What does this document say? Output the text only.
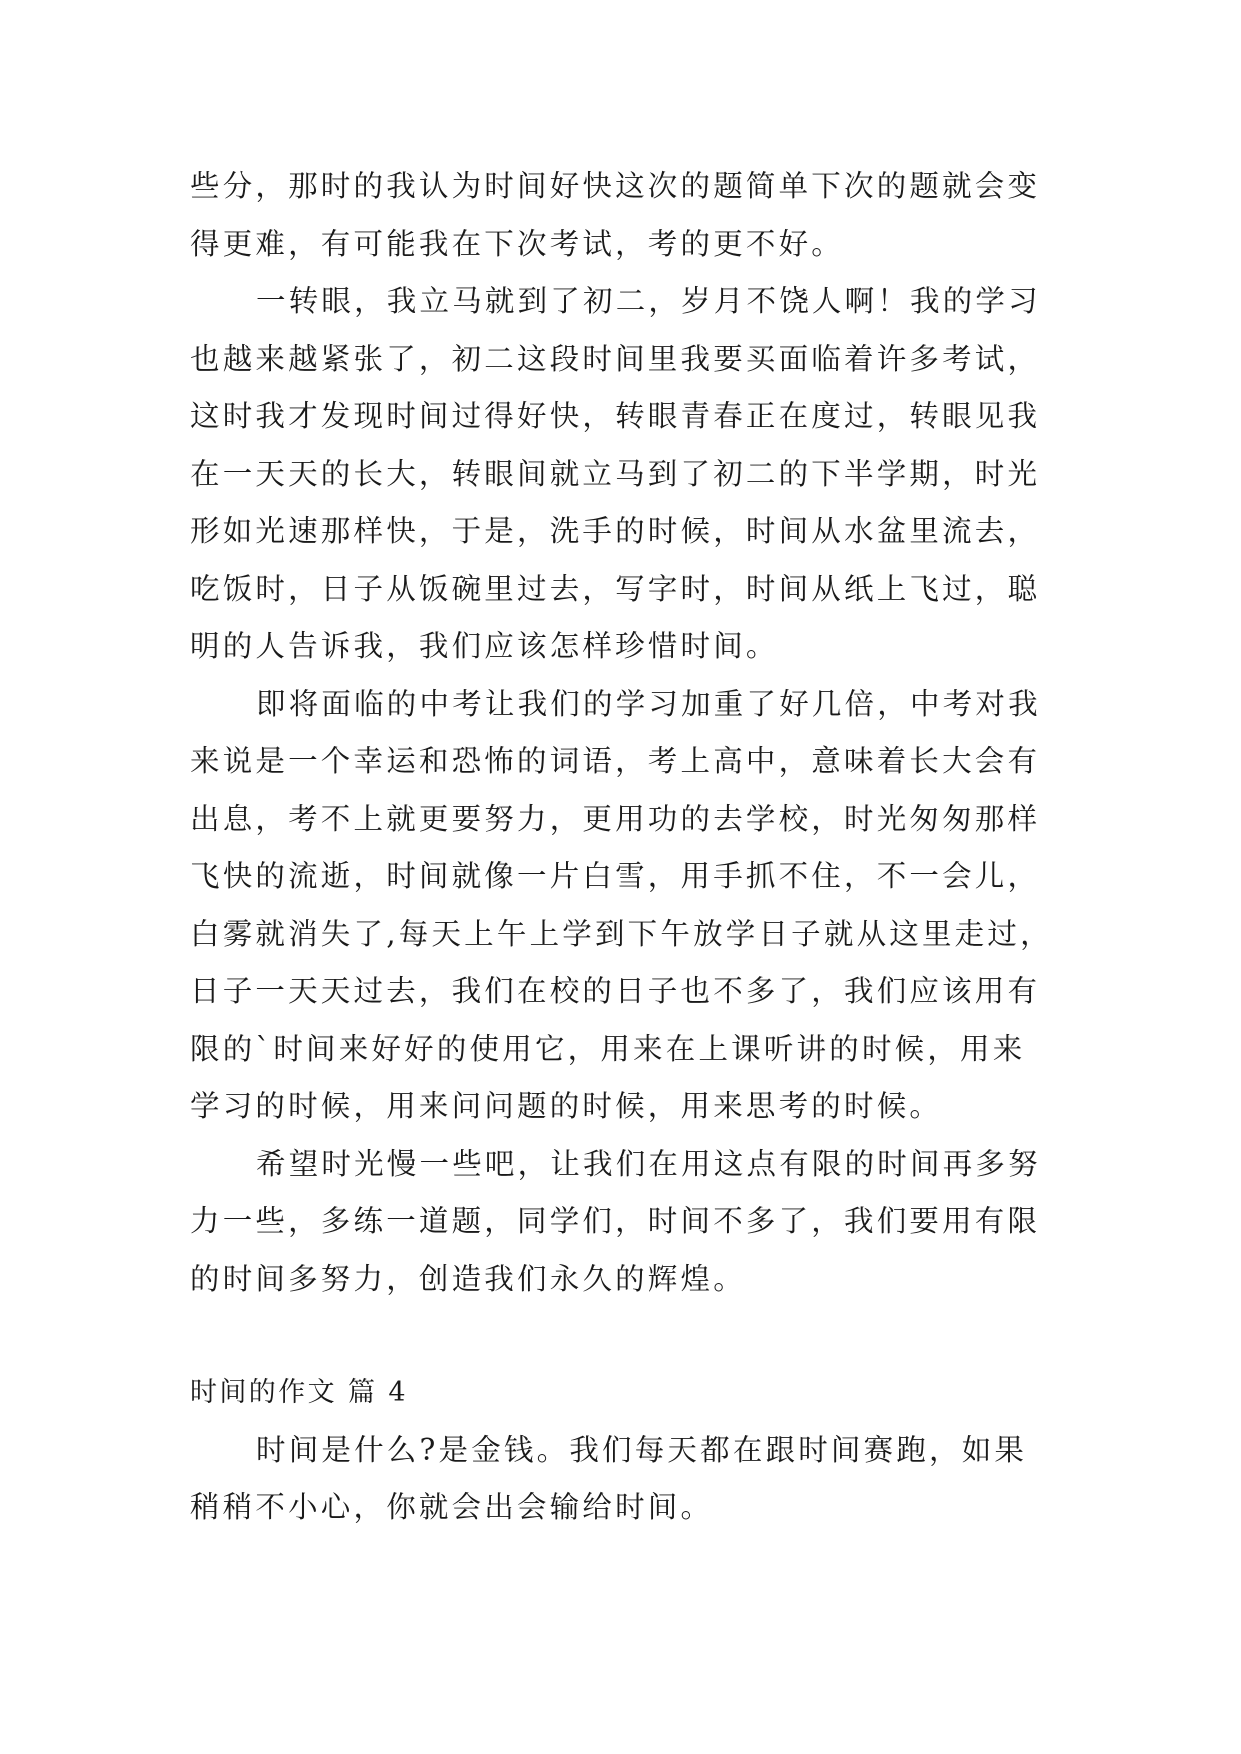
些分，那时的我认为时间好快这次的题简单下次的题就会变
得更难，有可能我在下次考试，考的更不好。

一转眼，我立马就到了初二，岁月不饶人啊！我的学习
也越来越紧张了，初二这段时间里我要买面临着许多考试，
这时我才发现时间过得好快，转眼青春正在度过，转眼见我
在一天天的长大，转眼间就立马到了初二的下半学期，时光
形如光速那样快，于是，洗手的时候，时间从水盆里流去，
吃饭时，日子从饭碗里过去，写字时，时间从纸上飞过，聪
明的人告诉我，我们应该怎样珍惜时间。

即将面临的中考让我们的学习加重了好几倍，中考对我
来说是一个幸运和恐怖的词语，考上高中，意味着长大会有
出息，考不上就更要努力，更用功的去学校，时光匆匆那样
飞快的流逝，时间就像一片白雪，用手抓不住，不一会儿，
白雾就消失了,每天上午上学到下午放学日子就从这里走过，
日子一天天过去，我们在校的日子也不多了，我们应该用有
限的`时间来好好的使用它，用来在上课听讲的时候，用来
学习的时候，用来问问题的时候，用来思考的时候。

希望时光慢一些吧，让我们在用这点有限的时间再多努
力一些，多练一道题，同学们，时间不多了，我们要用有限
的时间多努力，创造我们永久的辉煌。

时间的作文 篇 4

时间是什么?是金钱。我们每天都在跟时间赛跑，如果
稍稍不小心，你就会出会输给时间。
